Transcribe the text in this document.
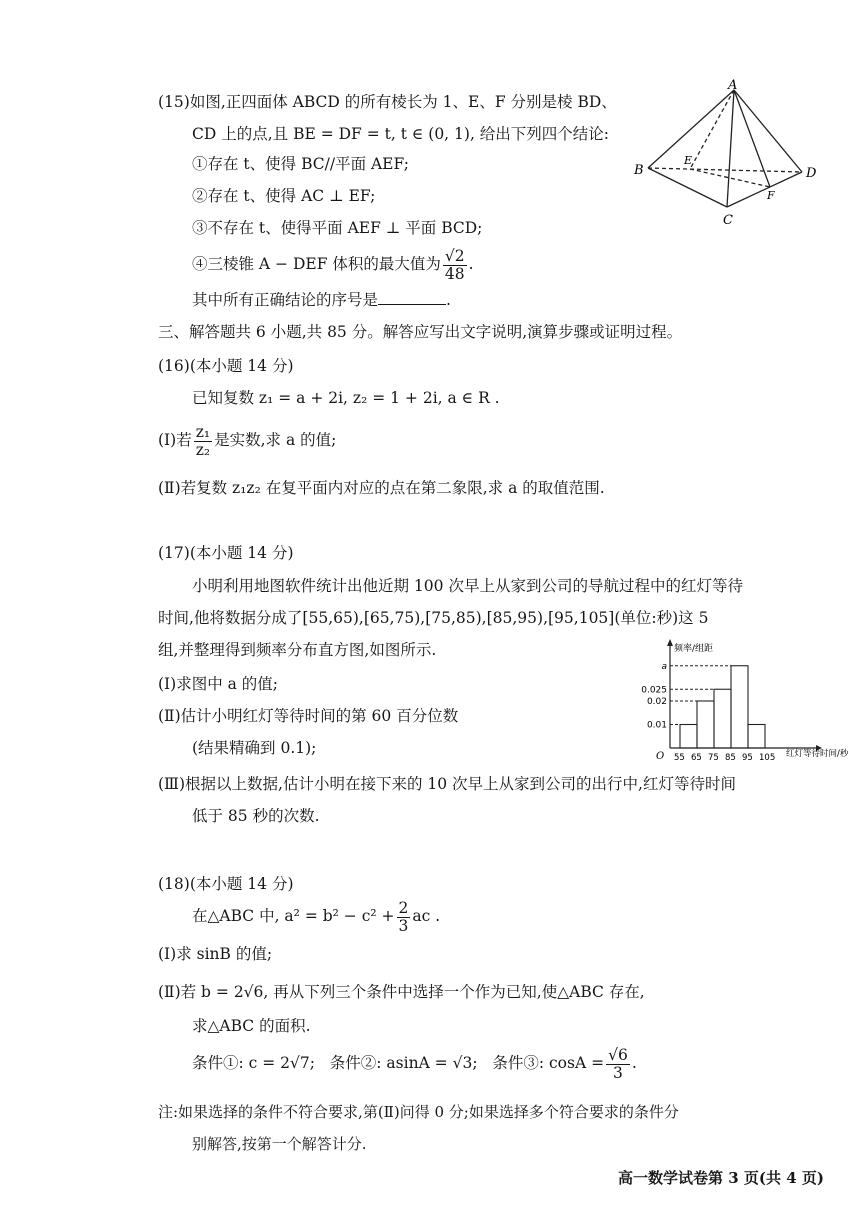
(15)如图,正四面体 ABCD 的所有棱长为 1、E、F 分别是棱 BD、
CD 上的点,且 BE = DF = t, t ∈ (0, 1), 给出下列四个结论:
①存在 t、使得 BC//平面 AEF;
②存在 t、使得 AC ⊥ EF;
③不存在 t、使得平面 AEF ⊥ 平面 BCD;
④三棱锥 A − DEF 体积的最大值为 $\frac{√2}{48}$ .
其中所有正确结论的序号是	.
A
B
C
D
E
F
三、解答题共 6 小题,共 85 分。解答应写出文字说明,演算步骤或证明过程。
(16)(本小题 14 分)
已知复数 z₁ = a + 2i, z₂ = 1 + 2i, a ∈ R .
(Ⅰ)若 $\frac{\text{z₁}}{\text{z₂}}$ 是实数,求 a 的值;
(Ⅱ)若复数 z₁z₂ 在复平面内对应的点在第二象限,求 a 的取值范围.
(17)(本小题 14 分)
小明利用地图软件统计出他近期 100 次早上从家到公司的导航过程中的红灯等待
时间,他将数据分成了[55,65),[65,75),[75,85),[85,95),[95,105](单位:秒)这 5
组,并整理得到频率分布直方图,如图所示.
(Ⅰ)求图中 a 的值;
(Ⅱ)估计小明红灯等待时间的第 60 百分位数
(结果精确到 0.1);
(Ⅲ)根据以上数据,估计小明在接下来的 10 次早上从家到公司的出行中,红灯等待时间
低于 85 秒的次数.
频率/组距
O	红灯等待时间/秒
55 65 75 85 95 105
a
0.025
0.02
0.01
(18)(本小题 14 分)
在△ABC 中, $a^2 = b^2 - c^2 + \frac{2}{3}$ ac .
(Ⅰ)求 sinB 的值;
(Ⅱ)若 b = 2√6, 再从下列三个条件中选择一个作为已知,使△ABC 存在,
求△ABC 的面积.
条件①: c = 2√7; 条件②: asinA = √3; 条件③: $\cos A = \frac{√6}{3}$ .
注:如果选择的条件不符合要求,第(Ⅱ)问得 0 分;如果选择多个符合要求的条件分
别解答,按第一个解答计分.
高一数学试卷第 3 页(共 4 页)
